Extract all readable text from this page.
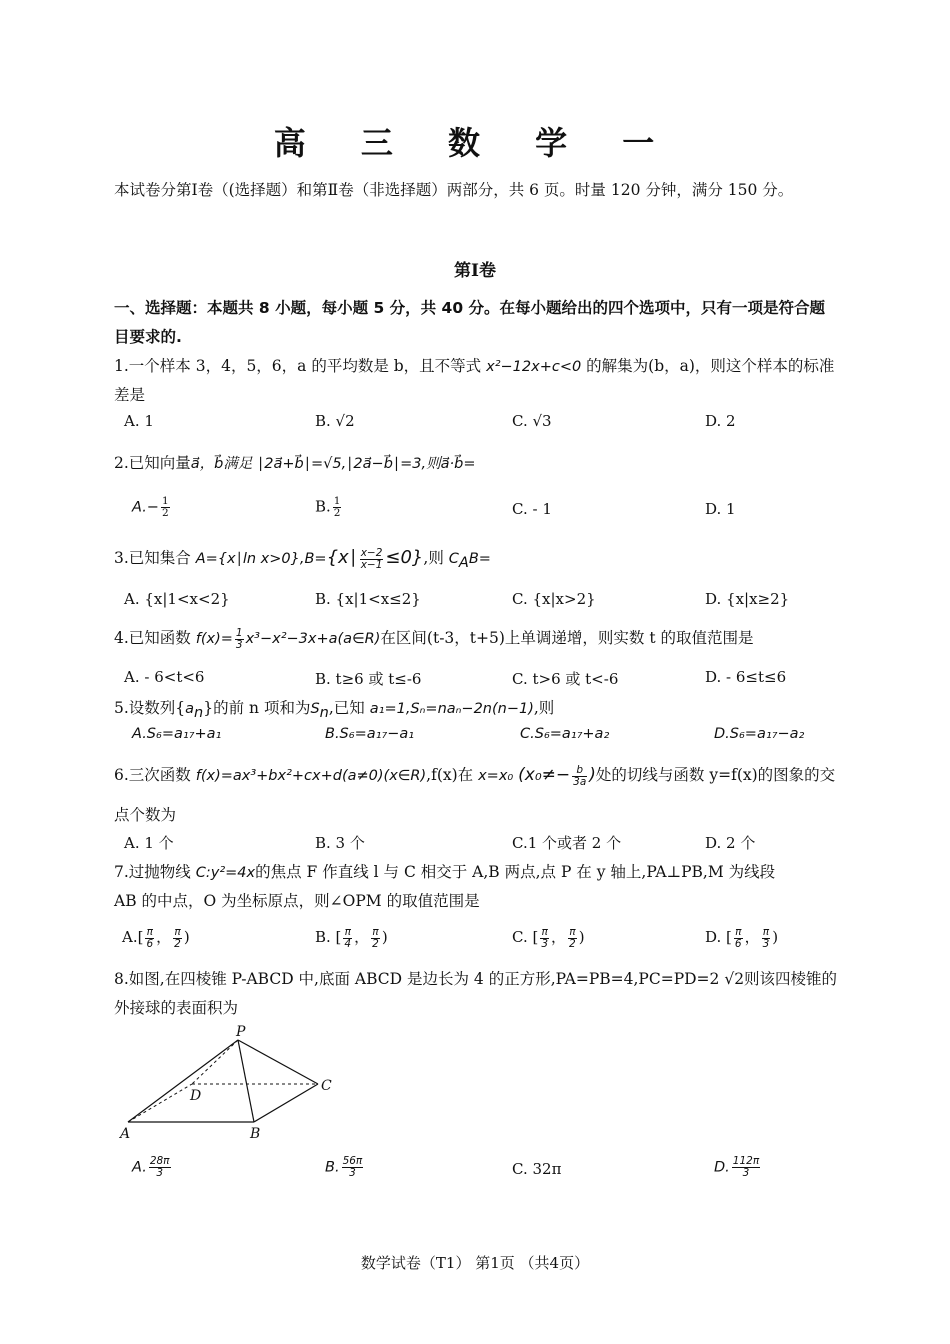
高 三 数 学 一
本试卷分第Ⅰ卷（(选择题）和第Ⅱ卷（非选择题）两部分，共 6 页。时量 120 分钟，满分 150 分。
第Ⅰ卷
一、选择题：本题共 8 小题，每小题 5 分，共 40 分。在每小题给出的四个选项中，只有一项是符合题
目要求的.
1.一个样本 3，4，5，6，a 的平均数是 b，且不等式 x²−12x+c<0 的解集为(b，a)，则这个样本的标准
差是
A. 1	B. √2	C. √3	D. 2
2.已知向量a⃗，b⃗满足 ∣2a⃗+b⃗∣=√5,∣2a⃗−b⃗∣=3,则a⃗·b⃗=
$A.- \frac{1}{2}$	B. $\frac{1}{2}$	C. - 1	D. 1
3.已知集合 A={x∣ln x>0},B={x∣ $\frac{x-2}{x-1} \le 0$},则 $C_AB=$
A. {x|1<x<2}	B. {x|1<x≤2}	C. {x|x>2}	D. {x|x≥2}
4.已知函数 $f(x)= \frac{1}{3}$ x³−x²−3x+a(a∈R)在区间(t-3，t+5)上单调递增，则实数 t 的取值范围是
A. - 6<t<6	B. t≥6 或 t≤-6	C. t>6 或 t<-6	D. - 6≤t≤6
5.设数列$\{a_n\}$的前 n 项和为$S_n$,已知 a₁=1,Sₙ=naₙ−2n(n−1),则
A.S₆=a₁₇+a₁	B.S₆=a₁₇−a₁	C.S₆=a₁₇+a₂	D.S₆=a₁₇−a₂
6.三次函数 f(x)=ax³+bx²+cx+d(a≠0)(x∈R),f(x)在 x=x₀ ($x_0\ne- \frac{b}{3a}$ )处的切线与函数 y=f(x)的图象的交
点个数为
A. 1 个	B. 3 个	C.1 个或者 2 个	D. 2 个
7.过抛物线 C:y²=4x的焦点 F 作直线 l 与 C 相交于 A,B 两点,点 P 在 y 轴上,PA⊥PB,M 为线段
AB 的中点，O 为坐标原点，则∠OPM 的取值范围是
$A.[ \frac{\pi}{6}$ ， $\frac{\pi}{2}$ )	B. [ $\frac{\pi}{4}$ ， $\frac{\pi}{2}$ )	C. [ $\frac{\pi}{3}$ ， $\frac{\pi}{2}$ )	D. [ $\frac{\pi}{6}$ ， $\frac{\pi}{3}$ )
8.如图,在四棱锥 P-ABCD 中,底面 ABCD 是边长为 4 的正方形,PA=PB=4,PC=PD=2 √2则该四棱锥的
外接球的表面积为
P
D
C
A	B
A. $\frac{28\pi}{3}$	B. $\frac{56\pi}{3}$	C. 32π	D. $\frac{112\pi}{3}$
数学试卷（T1） 第1页 （共4页）
